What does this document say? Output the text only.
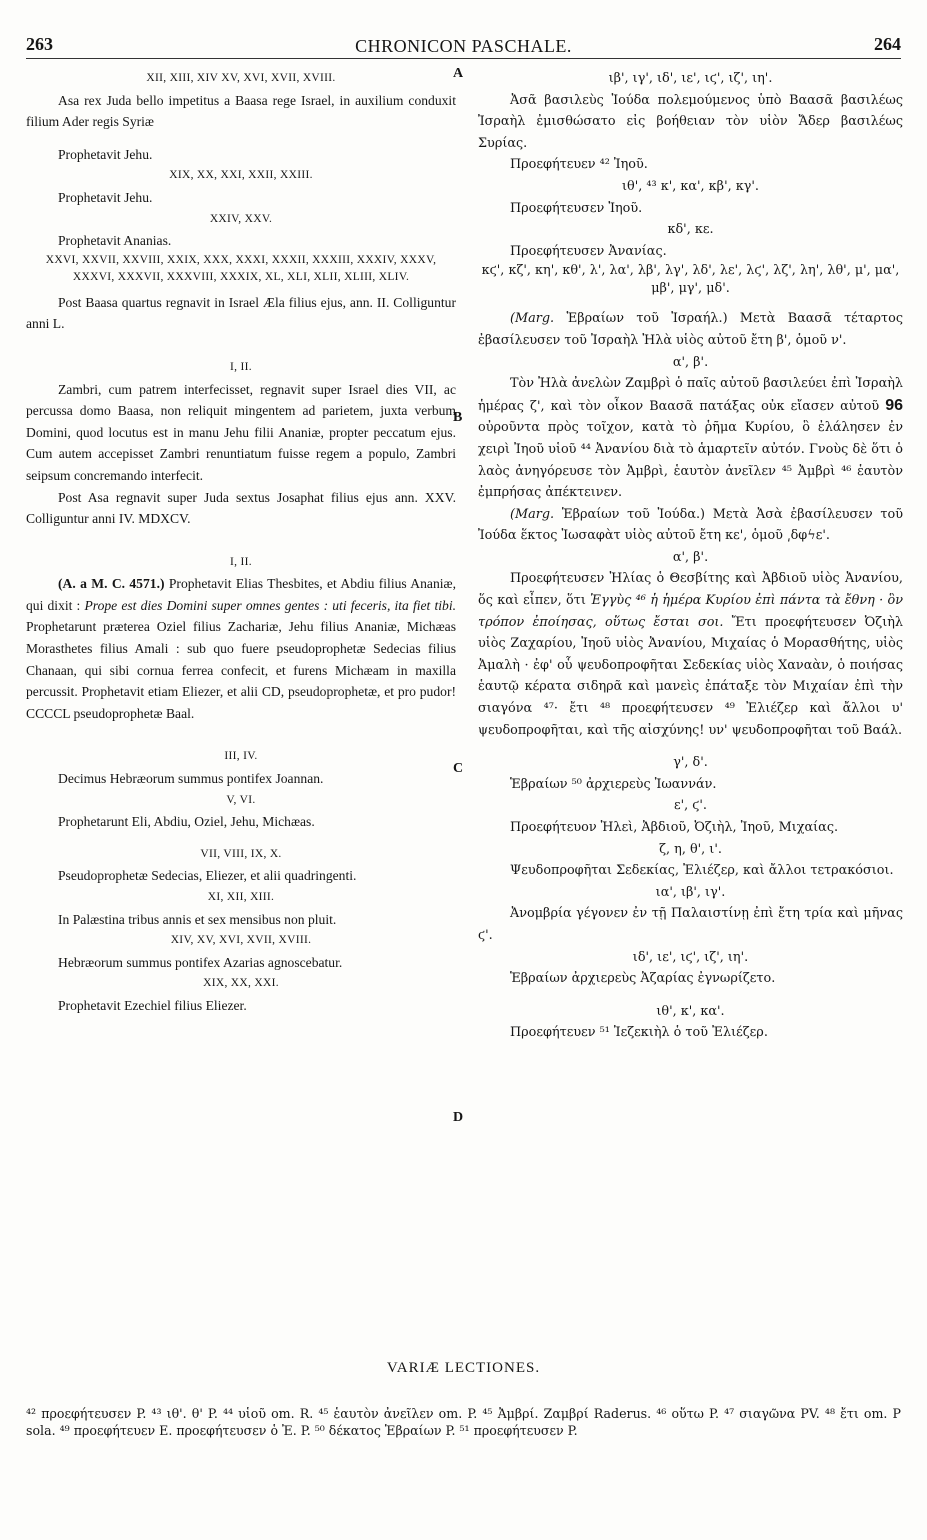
263	CHRONICON PASCHALE.	264
A
B
C
D

XII, XIII, XIV XV, XVI, XVII, XVIII.

Asa rex Juda bello impetitus a Baasa rege Israel, in auxilium conduxit filium Ader regis Syriæ

Prophetavit Jehu.

XIX, XX, XXI, XXII, XXIII.

Prophetavit Jehu.

XXIV, XXV.

Prophetavit Ananias.

XXVI, XXVII, XXVIII, XXIX, XXX, XXXI, XXXII, XXXIII, XXXIV, XXXV, XXXVI, XXXVII, XXXVIII, XXXIX, XL, XLI, XLII, XLIII, XLIV.

Post Baasa quartus regnavit in Israel Æla filius ejus, ann. II. Colliguntur anni L.

I, II.

Zambri, cum patrem interfecisset, regnavit super Israel dies VII, ac percussa domo Baasa, non reliquit mingentem ad parietem, juxta verbum Domini, quod locutus est in manu Jehu filii Ananiæ, propter peccatum ejus. Cum autem accepisset Zambri renuntiatum fuisse regem a populo, Zambri seipsum concremando interfecit.

Post Asa regnavit super Juda sextus Josaphat filius ejus ann. XXV. Colliguntur anni IV. MDXCV.

I, II.

(A. a M. C. 4571.) Prophetavit Elias Thesbites, et Abdiu filius Ananiæ, qui dixit : Prope est dies Domini super omnes gentes : uti feceris, ita fiet tibi. Prophetarunt præterea Oziel filius Zachariæ, Jehu filius Ananiæ, Michæas Morasthetes filius Amali : sub quo fuere pseudoprophetæ Sedecias filius Chanaan, qui sibi cornua ferrea confecit, et furens Michæam in maxilla percussit. Prophetavit etiam Eliezer, et alii CD, pseudoprophetæ, et pro pudor! CCCCL pseudoprophetæ Baal.

III, IV.

Decimus Hebræorum summus pontifex Joannan.

V, VI.

Prophetarunt Eli, Abdiu, Oziel, Jehu, Michæas.

VII, VIII, IX, X.

Pseudoprophetæ Sedecias, Eliezer, et alii quadringenti.

XI, XII, XIII.

In Palæstina tribus annis et sex mensibus non pluit.

XIV, XV, XVI, XVII, XVIII.

Hebræorum summus pontifex Azarias agnoscebatur.

XIX, XX, XXI.

Prophetavit Ezechiel filius Eliezer.

ιβ', ιγ', ιδ', ιε', ιϛ', ιζ', ιη'.

Ἀσᾶ βασιλεὺς Ἰούδα πολεμούμενος ὑπὸ Βαασᾶ βασιλέως Ἰσραὴλ ἐμισθώσατο εἰς βοήθειαν τὸν υἱὸν Ἄδερ βασιλέως Συρίας.

Προεφήτευεν ⁴² Ἰηοῦ.

ιθ', ⁴³ κ', κα', κβ', κγ'.

Προεφήτευσεν Ἰηοῦ.

κδ', κε.

Προεφήτευσεν Ἀνανίας.

κϛ', κζ', κη', κθ', λ', λα', λβ', λγ', λδ', λε', λϛ', λζ', λη', λθ', μ', μα', μβ', μγ', μδ'.

(Marg. Ἑβραίων τοῦ Ἰσραήλ.) Μετὰ Βαασᾶ τέταρτος ἐβασίλευσεν τοῦ Ἰσραὴλ Ἠλὰ υἱὸς αὐτοῦ ἔτη β', ὁμοῦ ν'.

α', β'.

Τὸν Ἠλὰ ἀνελὼν Ζαμβρὶ ὁ παῖς αὐτοῦ βασιλεύει ἐπὶ Ἰσραὴλ ἡμέρας ζ', καὶ τὸν οἶκον Βαασᾶ πατάξας οὐκ εἴασεν αὐτοῦ 96 οὐροῦντα πρὸς τοῖχον, κατὰ τὸ ῥῆμα Κυρίου, ὃ ἐλάλησεν ἐν χειρὶ Ἰηοῦ υἱοῦ ⁴⁴ Ἀνανίου διὰ τὸ ἁμαρτεῖν αὐτόν. Γνοὺς δὲ ὅτι ὁ λαὸς ἀνηγόρευσε τὸν Ἀμβρὶ, ἑαυτὸν ἀνεῖλεν ⁴⁵ Ἀμβρὶ ⁴⁶ ἑαυτὸν ἐμπρήσας ἀπέκτεινεν.

(Marg. Ἑβραίων τοῦ Ἰούδα.) Μετὰ Ἀσὰ ἐβασίλευσεν τοῦ Ἰούδα ἕκτος Ἰωσαφὰτ υἱὸς αὐτοῦ ἔτη κε', ὁμοῦ ͵δφϟε'.

α', β'.

Προεφήτευσεν Ἠλίας ὁ Θεσβίτης καὶ Ἀβδιοῦ υἱὸς Ἀνανίου, ὅς καὶ εἶπεν, ὅτι Ἐγγὺς ⁴⁶ ἡ ἡμέρα Κυρίου ἐπὶ πάντα τὰ ἔθνη · ὃν τρόπον ἐποίησας, οὕτως ἔσται σοι. Ἔτι προεφήτευσεν Ὀζιὴλ υἱὸς Ζαχαρίου, Ἰηοῦ υἱὸς Ἀνανίου, Μιχαίας ὁ Μορασθήτης, υἱὸς Ἀμαλὴ · ἐφ' οὗ ψευδοπροφῆται Σεδεκίας υἱὸς Χαναὰν, ὁ ποιήσας ἑαυτῷ κέρατα σιδηρᾶ καὶ μανεὶς ἐπάταξε τὸν Μιχαίαν ἐπὶ τὴν σιαγόνα ⁴⁷· ἔτι ⁴⁸ προεφήτευσεν ⁴⁹ Ἐλιέζερ καὶ ἄλλοι υ' ψευδοπροφῆται, καὶ τῆς αἰσχύνης! υν' ψευδοπροφῆται τοῦ Βαάλ.

γ', δ'.

Ἑβραίων ⁵⁰ ἀρχιερεὺς Ἰωαννάν.

ε', ϛ'.

Προεφήτευον Ἠλεὶ, Ἀβδιοῦ, Ὀζιὴλ, Ἰηοῦ, Μιχαίας.

ζ, η, θ', ι'.

Ψευδοπροφῆται Σεδεκίας, Ἐλιέζερ, καὶ ἄλλοι τετρακόσιοι.

ια', ιβ', ιγ'.

Ἀνομβρία γέγονεν ἐν τῇ Παλαιστίνῃ ἐπὶ ἔτη τρία καὶ μῆνας ϛ'.

ιδ', ιε', ιϛ', ιζ', ιη'.

Ἑβραίων ἀρχιερεὺς Ἀζαρίας ἐγνωρίζετο.

ιθ', κ', κα'.

Προεφήτευεν ⁵¹ Ἰεζεκιὴλ ὁ τοῦ Ἐλιέζερ.

VARIÆ LECTIONES.
⁴² προεφήτευσεν P. ⁴³ ιθ'. θ' P. ⁴⁴ υἱοῦ om. R. ⁴⁵ ἑαυτὸν ἀνεῖλεν om. P. ⁴⁵ Ἀμβρί. Ζαμβρί Raderus. ⁴⁶ οὕτω P. ⁴⁷ σιαγῶνα PV. ⁴⁸ ἔτι om. P sola. ⁴⁹ προεφήτευεν Ε. προεφήτευσεν ὁ Ἐ. P. ⁵⁰ δέκατος Ἑβραίων P. ⁵¹ προεφήτευσεν P.
